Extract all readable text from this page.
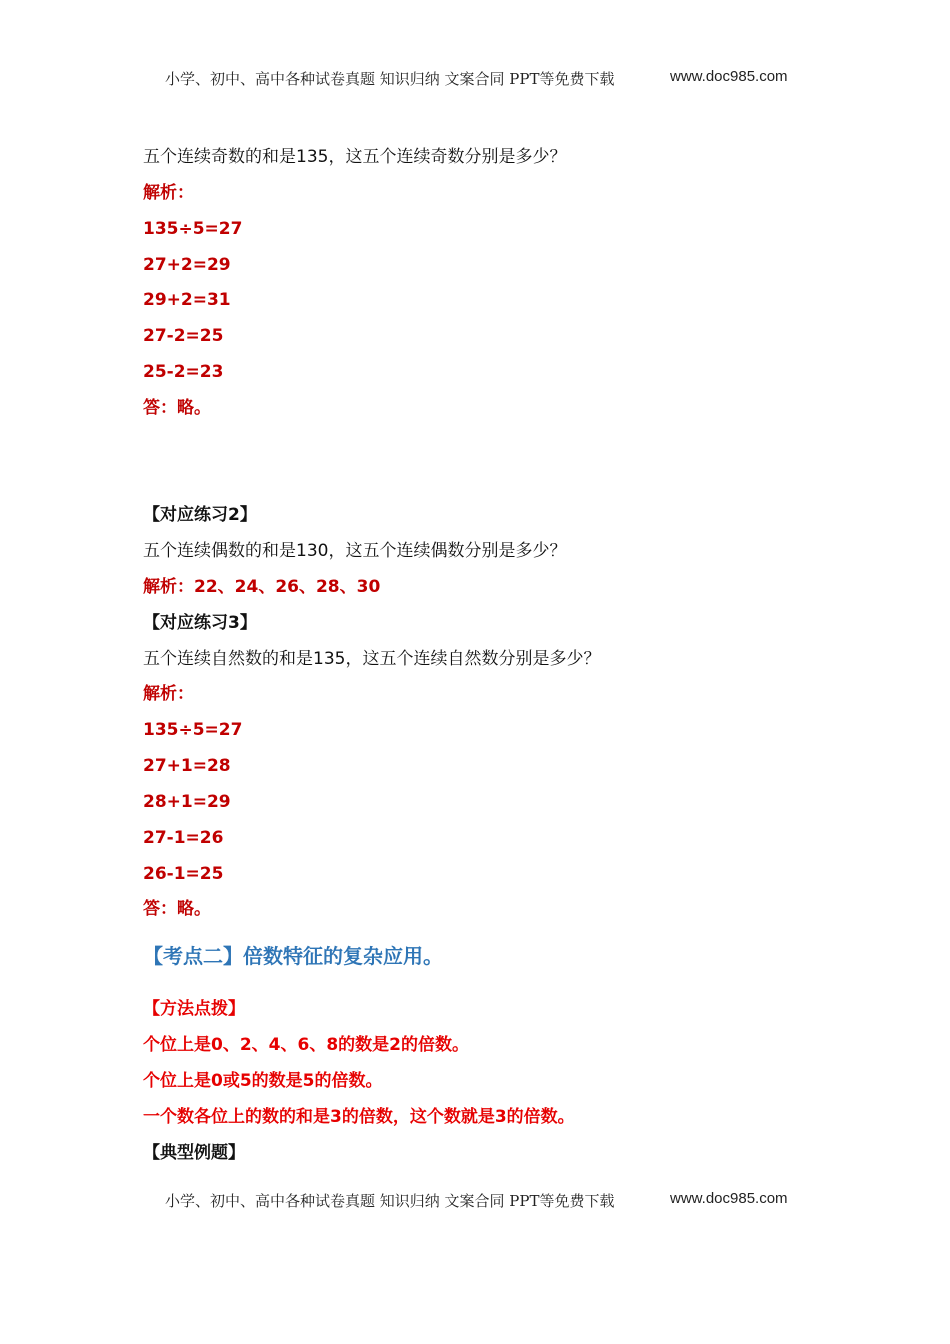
小学、初中、高中各种试卷真题 知识归纳 文案合同 PPT等免费下载	www.doc985.com
五个连续奇数的和是135，这五个连续奇数分别是多少？
解析：
135÷5=27
27+2=29
29+2=31
27-2=25
25-2=23
答：略。
【对应练习2】
五个连续偶数的和是130，这五个连续偶数分别是多少？
解析：22、24、26、28、30
【对应练习3】
五个连续自然数的和是135，这五个连续自然数分别是多少？
解析：
135÷5=27
27+1=28
28+1=29
27-1=26
26-1=25
答：略。
【考点二】倍数特征的复杂应用。
【方法点拨】
个位上是0、2、4、6、8的数是2的倍数。
个位上是0或5的数是5的倍数。
一个数各位上的数的和是3的倍数，这个数就是3的倍数。
【典型例题】
小学、初中、高中各种试卷真题 知识归纳 文案合同 PPT等免费下载	www.doc985.com
